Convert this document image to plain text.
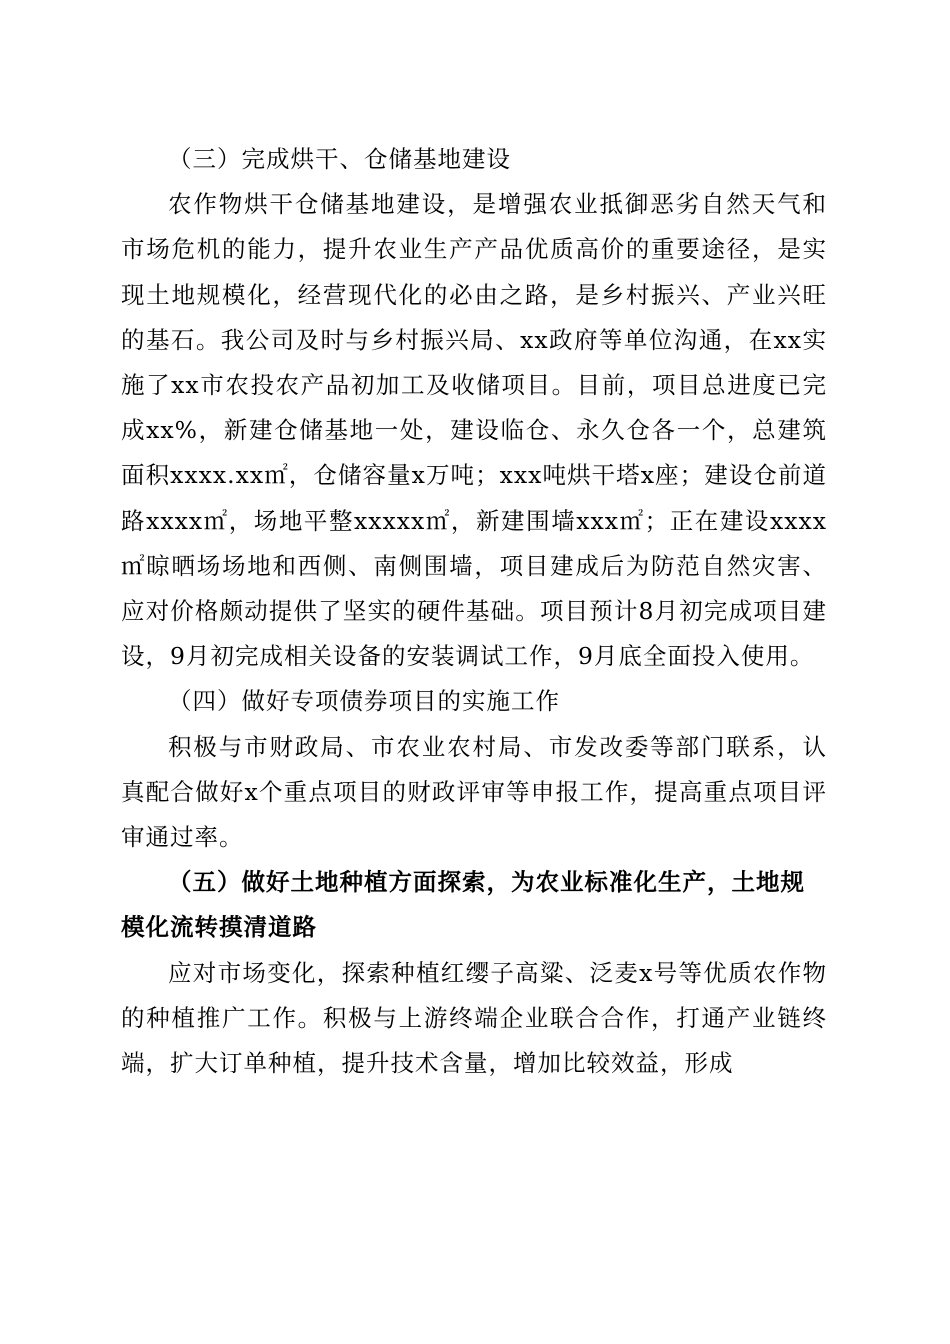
（三）完成烘干、仓储基地建设

农作物烘干仓储基地建设，是增强农业抵御恶劣自然天气和市场危机的能力，提升农业生产产品优质高价的重要途径，是实现土地规模化，经营现代化的必由之路，是乡村振兴、产业兴旺的基石。我公司及时与乡村振兴局、xx政府等单位沟通，在xx实施了xx市农投农产品初加工及收储项目。目前，项目总进度已完成xx%，新建仓储基地一处，建设临仓、永久仓各一个，总建筑面积xxxx.xx㎡，仓储容量x万吨；xxx吨烘干塔x座；建设仓前道路xxxx㎡，场地平整xxxxx㎡，新建围墙xxx㎡；正在建设xxxx㎡晾晒场场地和西侧、南侧围墙，项目建成后为防范自然灾害、应对价格颇动提供了坚实的硬件基础。项目预计8月初完成项目建设，9月初完成相关设备的安装调试工作，9月底全面投入使用。

（四）做好专项债券项目的实施工作

积极与市财政局、市农业农村局、市发改委等部门联系，认真配合做好x个重点项目的财政评审等申报工作，提高重点项目评审通过率。

（五）做好土地种植方面探索，为农业标准化生产，土地规模化流转摸清道路

应对市场变化，探索种植红缨子高粱、泛麦x号等优质农作物的种植推广工作。积极与上游终端企业联合合作，打通产业链终端，扩大订单种植，提升技术含量，增加比较效益，形成
